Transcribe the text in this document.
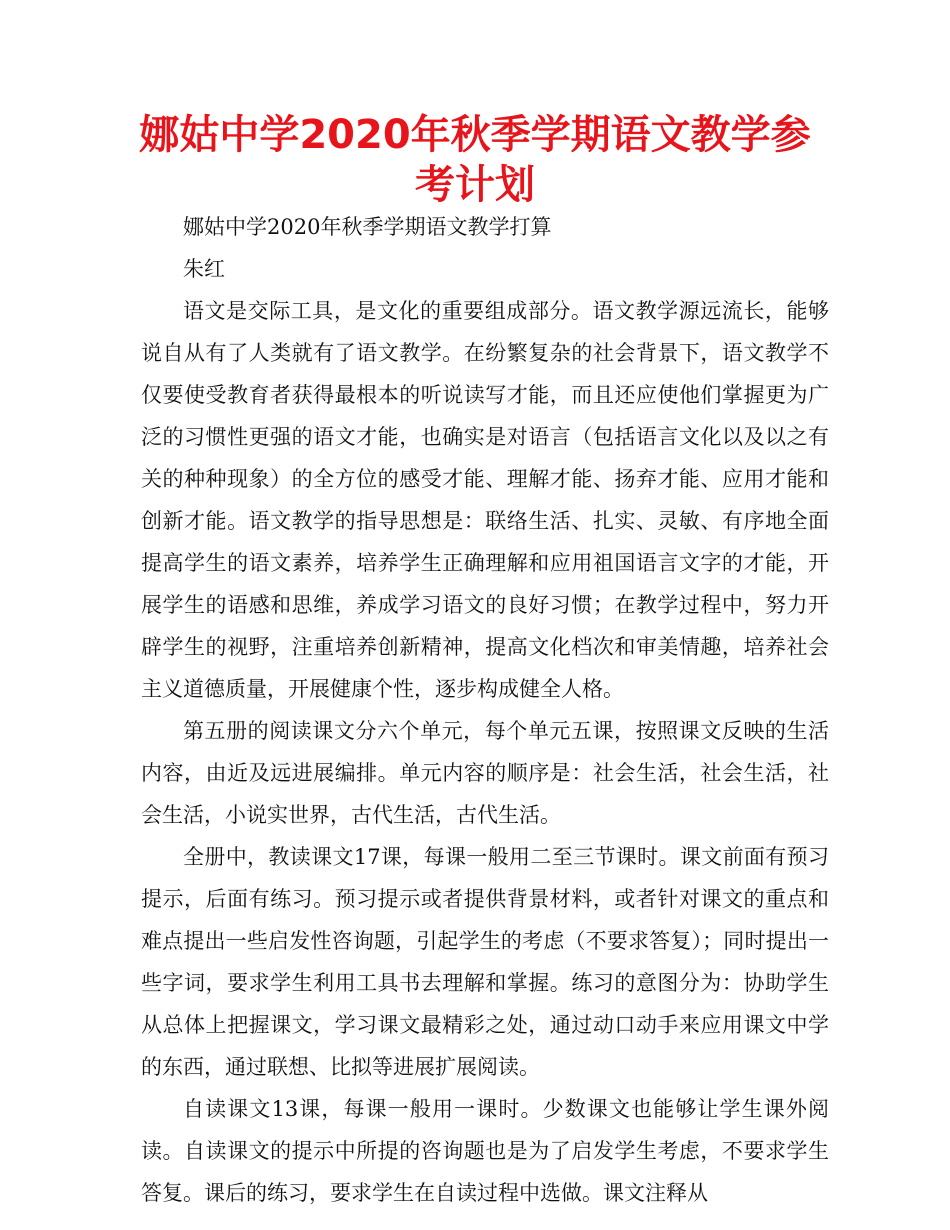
娜姑中学2020年秋季学期语文教学参考计划

娜姑中学2020年秋季学期语文教学打算

朱红

语文是交际工具，是文化的重要组成部分。语文教学源远流长，能够说自从有了人类就有了语文教学。在纷繁复杂的社会背景下，语文教学不仅要使受教育者获得最根本的听说读写才能，而且还应使他们掌握更为广泛的习惯性更强的语文才能，也确实是对语言（包括语言文化以及以之有关的种种现象）的全方位的感受才能、理解才能、扬弃才能、应用才能和创新才能。语文教学的指导思想是：联络生活、扎实、灵敏、有序地全面提高学生的语文素养，培养学生正确理解和应用祖国语言文字的才能，开展学生的语感和思维，养成学习语文的良好习惯；在教学过程中，努力开辟学生的视野，注重培养创新精神，提高文化档次和审美情趣，培养社会主义道德质量，开展健康个性，逐步构成健全人格。

第五册的阅读课文分六个单元，每个单元五课，按照课文反映的生活内容，由近及远进展编排。单元内容的顺序是：社会生活，社会生活，社会生活，小说实世界，古代生活，古代生活。

全册中，教读课文17课，每课一般用二至三节课时。课文前面有预习提示，后面有练习。预习提示或者提供背景材料，或者针对课文的重点和难点提出一些启发性咨询题，引起学生的考虑（不要求答复）；同时提出一些字词，要求学生利用工具书去理解和掌握。练习的意图分为：协助学生从总体上把握课文，学习课文最精彩之处，通过动口动手来应用课文中学的东西，通过联想、比拟等进展扩展阅读。

自读课文13课，每课一般用一课时。少数课文也能够让学生课外阅读。自读课文的提示中所提的咨询题也是为了启发学生考虑，不要求学生答复。课后的练习，要求学生在自读过程中选做。课文注释从
